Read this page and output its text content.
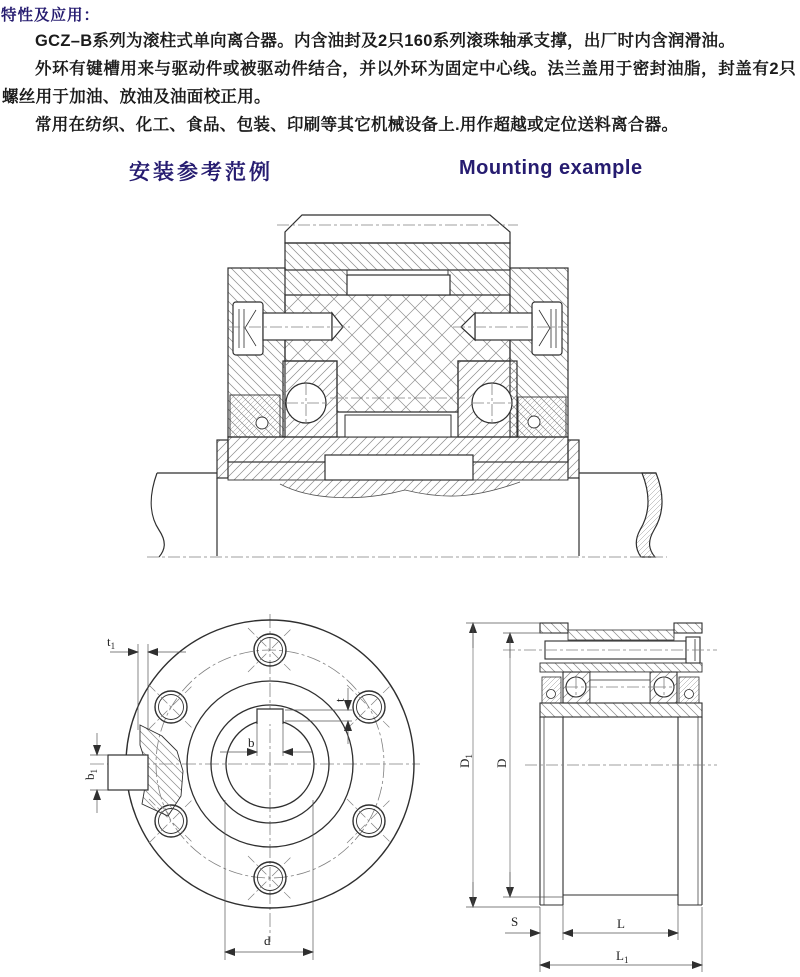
特性及应用：

GCZ–B系列为滚柱式单向离合器。内含油封及2只160系列滚珠轴承支撑，出厂时内含润滑油。

外环有键槽用来与驱动件或被驱动件结合，并以外环为固定中心线。法兰盖用于密封油脂，封盖有2只螺丝用于加油、放油及油面校正用。

常用在纺织、化工、食品、包装、印刷等其它机械设备上.用作超越或定位送料离合器。

安装参考范例	Mounting example
$t_1$
$b_1$
b
t
d
$D_1$
D
S	L
$L_1$
